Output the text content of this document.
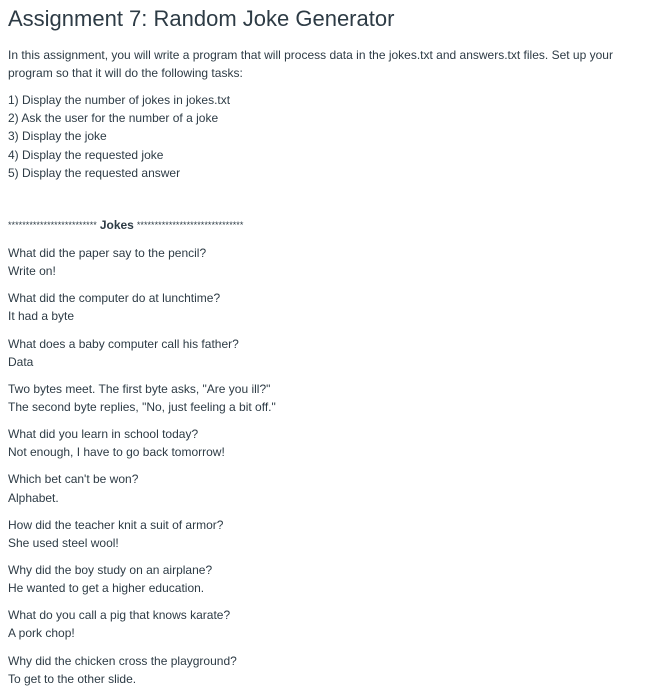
Assignment 7: Random Joke Generator

In this assignment, you will write a program that will process data in the jokes.txt and answers.txt files. Set up your program so that it will do the following tasks:

1) Display the number of jokes in jokes.txt
2) Ask the user for the number of a joke
3) Display the joke
4) Display the requested joke
5) Display the requested answer
************************* Jokes ******************************
What did the paper say to the pencil?
Write on!
What did the computer do at lunchtime?
It had a byte
What does a baby computer call his father?
Data
Two bytes meet. The first byte asks, "Are you ill?"
The second byte replies, "No, just feeling a bit off."
What did you learn in school today?
Not enough, I have to go back tomorrow!
Which bet can't be won?
Alphabet.
How did the teacher knit a suit of armor?
She used steel wool!
Why did the boy study on an airplane?
He wanted to get a higher education.
What do you call a pig that knows karate?
A pork chop!
Why did the chicken cross the playground?
To get to the other slide.
